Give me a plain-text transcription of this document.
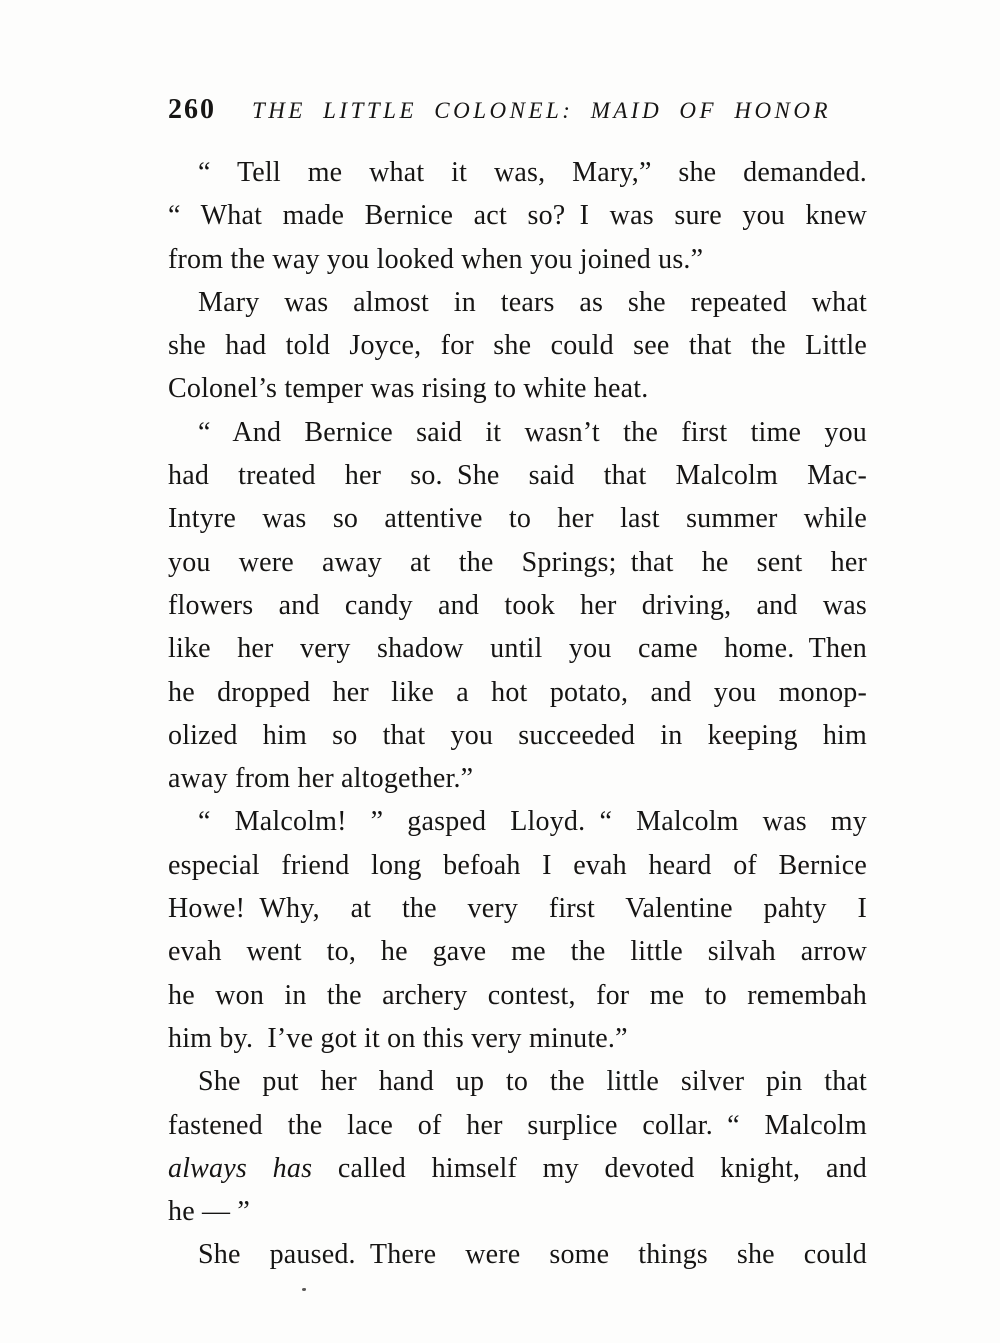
260	THE LITTLE COLONEL: MAID OF HONOR
“ Tell me what it was, Mary,” she demanded.
“ What made Bernice act so? I was sure you knew
from the way you looked when you joined us.”
Mary was almost in tears as she repeated what
she had told Joyce, for she could see that the Little
Colonel’s temper was rising to white heat.
“ And Bernice said it wasn’t the first time you
had treated her so. She said that Malcolm Mac-
Intyre was so attentive to her last summer while
you were away at the Springs; that he sent her
flowers and candy and took her driving, and was
like her very shadow until you came home. Then
he dropped her like a hot potato, and you monop-
olized him so that you succeeded in keeping him
away from her altogether.”
“ Malcolm! ” gasped Lloyd. “ Malcolm was my
especial friend long befoah I evah heard of Bernice
Howe! Why, at the very first Valentine pahty I
evah went to, he gave me the little silvah arrow
he won in the archery contest, for me to remembah
him by. I’ve got it on this very minute.”
She put her hand up to the little silver pin that
fastened the lace of her surplice collar. “ Malcolm
always has called himself my devoted knight, and
he — ”
She paused. There were some things she could
